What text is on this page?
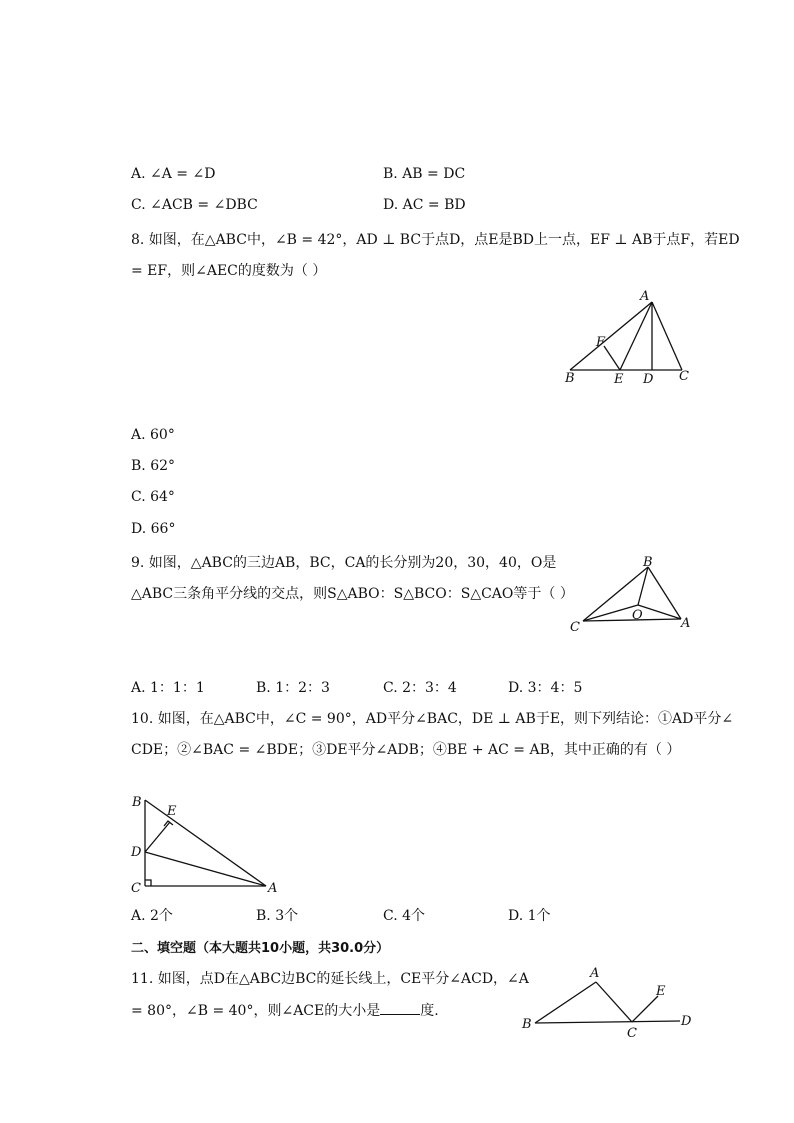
A. ∠A = ∠D	B. AB = DC
C. ∠ACB = ∠DBC	D. AC = BD
8. 如图，在△ABC中，∠B = 42°，AD ⊥ BC于点D，点E是BD上一点，EF ⊥ AB于点F，若ED
= EF，则∠AEC的度数为（ ）
A
F
B	E D C
B
C
O
A
B
E
D
C	A
A
E
B
C
D
A. 60°
B. 62°
C. 64°
D. 66°
9. 如图，△ABC的三边AB，BC，CA的长分别为20，30，40，O是
△ABC三条角平分线的交点，则S△ABO：S△BCO：S△CAO等于（ ）
A. 1：1：1	B. 1：2：3	C. 2：3：4	D. 3：4：5
10. 如图，在△ABC中，∠C = 90°，AD平分∠BAC，DE ⊥ AB于E，则下列结论：①AD平分∠
CDE；②∠BAC = ∠BDE；③DE平分∠ADB；④BE + AC = AB，其中正确的有（ ）
A. 2个	B. 3个	C. 4个	D. 1个
二、填空题（本大题共10小题，共30.0分）
11. 如图，点D在△ABC边BC的延长线上，CE平分∠ACD，∠A
= 80°，∠B = 40°，则∠ACE的大小是	度.
